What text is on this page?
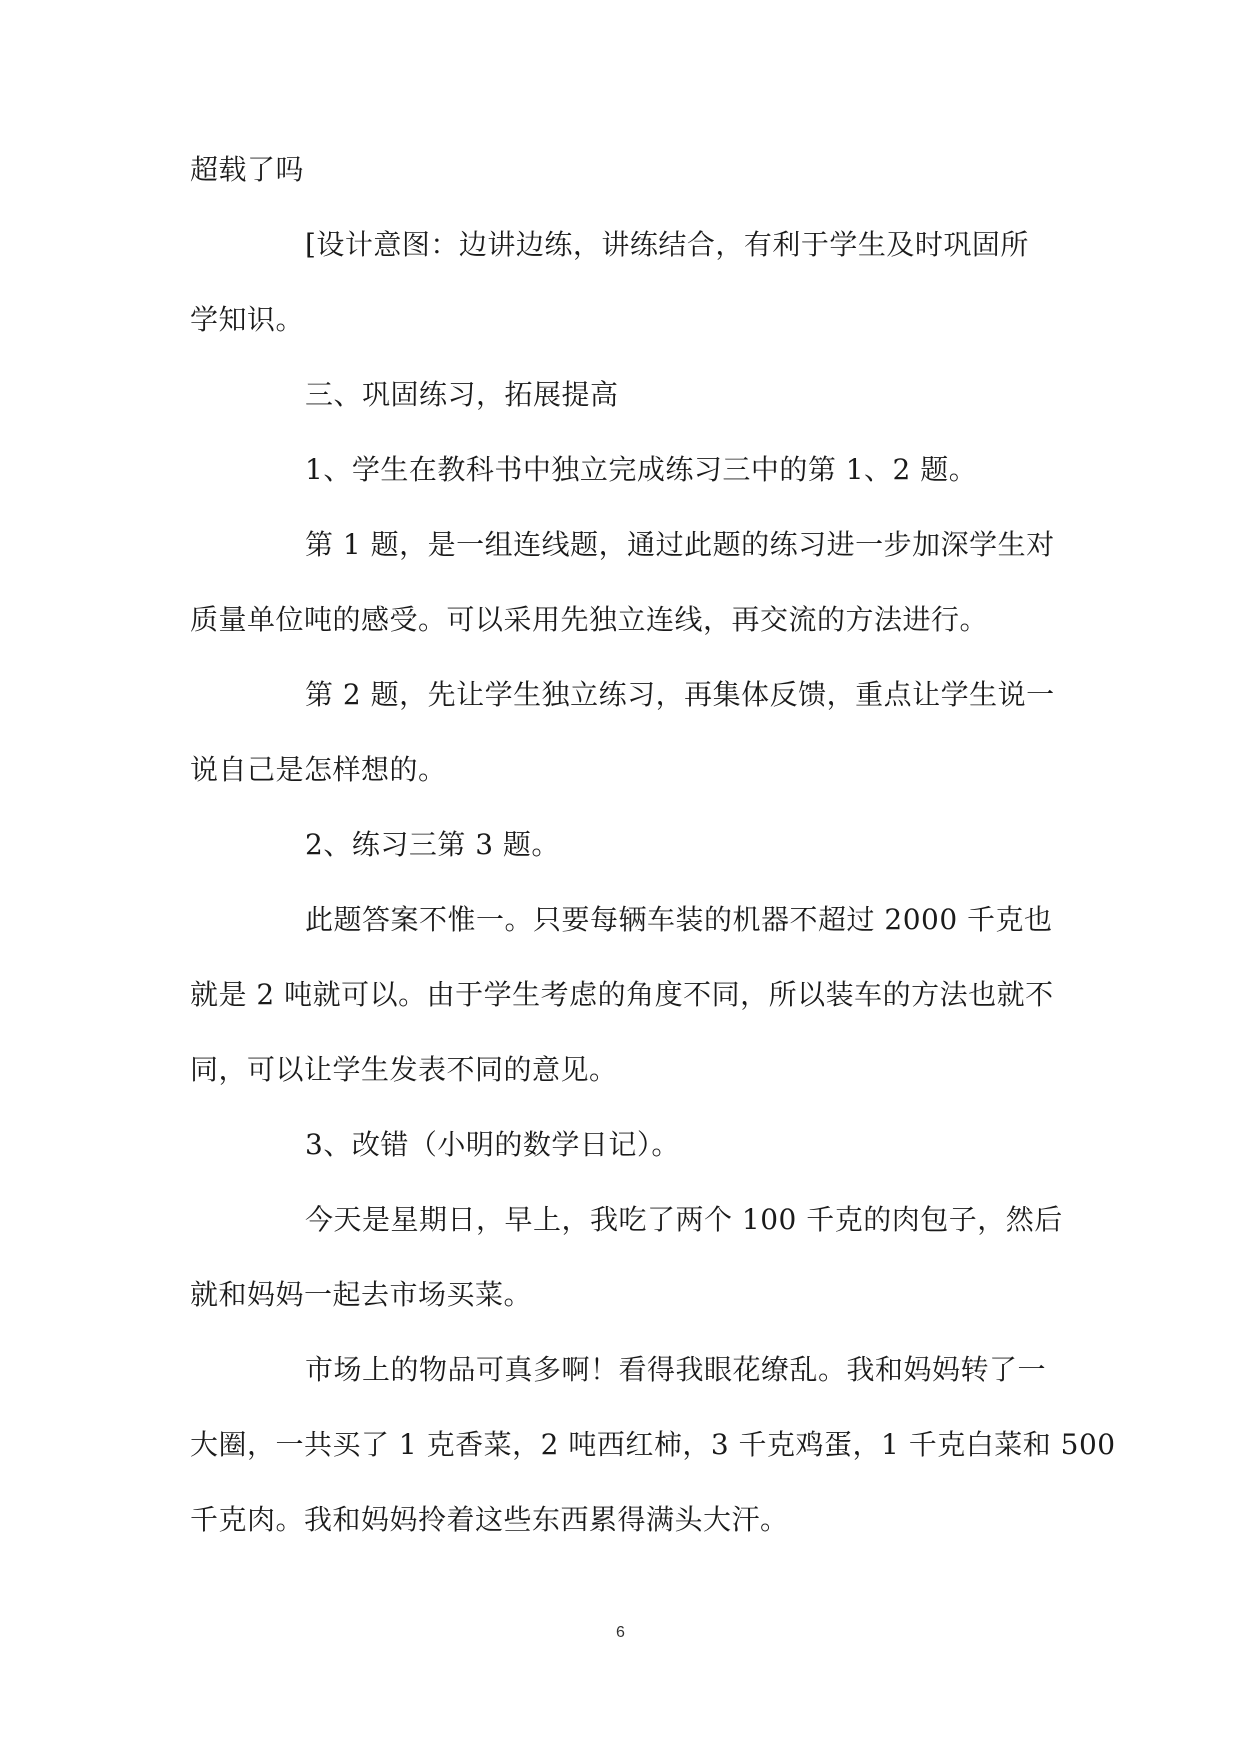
超载了吗
[设计意图：边讲边练，讲练结合，有利于学生及时巩固所
学知识。
三、巩固练习，拓展提高
1、学生在教科书中独立完成练习三中的第 1、2 题。
第 1 题，是一组连线题，通过此题的练习进一步加深学生对
质量单位吨的感受。可以采用先独立连线，再交流的方法进行。
第 2 题，先让学生独立练习，再集体反馈，重点让学生说一
说自己是怎样想的。
2、练习三第 3 题。
此题答案不惟一。只要每辆车装的机器不超过 2000 千克也
就是 2 吨就可以。由于学生考虑的角度不同，所以装车的方法也就不
同，可以让学生发表不同的意见。
3、改错（小明的数学日记）。
今天是星期日，早上，我吃了两个 100 千克的肉包子，然后
就和妈妈一起去市场买菜。
市场上的物品可真多啊！看得我眼花缭乱。我和妈妈转了一
大圈，一共买了 1 克香菜，2 吨西红柿，3 千克鸡蛋，1 千克白菜和 500
千克肉。我和妈妈拎着这些东西累得满头大汗。
6
